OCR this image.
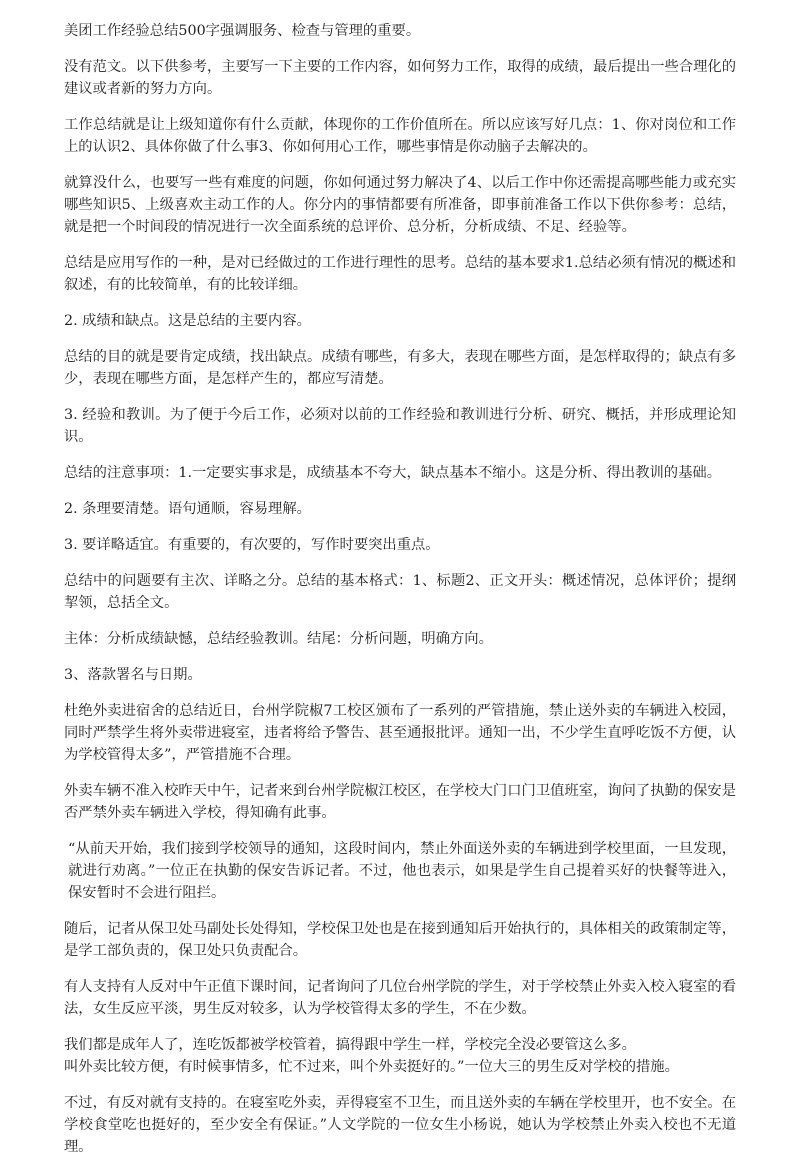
美团工作经验总结500字强调服务、检查与管理的重要。

没有范文。以下供参考，主要写一下主要的工作内容，如何努力工作，取得的成绩，最后提出一些合理化的建议或者新的努力方向。

工作总结就是让上级知道你有什么贡献，体现你的工作价值所在。所以应该写好几点：1、你对岗位和工作上的认识2、具体你做了什么事3、你如何用心工作，哪些事情是你动脑子去解决的。

就算没什么，也要写一些有难度的问题，你如何通过努力解决了4、以后工作中你还需提高哪些能力或充实哪些知识5、上级喜欢主动工作的人。你分内的事情都要有所准备，即事前准备工作以下供你参考：总结，就是把一个时间段的情况进行一次全面系统的总评价、总分析，分析成绩、不足、经验等。

总结是应用写作的一种，是对已经做过的工作进行理性的思考。总结的基本要求1.总结必须有情况的概述和叙述，有的比较简单，有的比较详细。

2. 成绩和缺点。这是总结的主要内容。

总结的目的就是要肯定成绩，找出缺点。成绩有哪些，有多大，表现在哪些方面，是怎样取得的；缺点有多少，表现在哪些方面，是怎样产生的，都应写清楚。

3. 经验和教训。为了便于今后工作，必须对以前的工作经验和教训进行分析、研究、概括，并形成理论知识。

总结的注意事项：1.一定要实事求是，成绩基本不夸大，缺点基本不缩小。这是分析、得出教训的基础。

2. 条理要清楚。语句通顺，容易理解。

3. 要详略适宜。有重要的，有次要的，写作时要突出重点。

总结中的问题要有主次、详略之分。总结的基本格式：1、标题2、正文开头：概述情况，总体评价；提纲挈领，总括全文。

主体：分析成绩缺憾，总结经验教训。结尾：分析问题，明确方向。

3、落款署名与日期。

杜绝外卖进宿舍的总结近日，台州学院椒7工校区颁布了一系列的严管措施，禁止送外卖的车辆进入校园，同时严禁学生将外卖带进寝室，违者将给予警告、甚至通报批评。通知一出，不少学生直呼吃饭不方便，认为学校管得太多”，严管措施不合理。

外卖车辆不准入校昨天中午，记者来到台州学院椒江校区，在学校大门口门卫值班室，询问了执勤的保安是否严禁外卖车辆进入学校，得知确有此事。

“从前天开始，我们接到学校领导的通知，这段时间内，禁止外面送外卖的车辆进到学校里面，一旦发现，就进行劝离。”一位正在执勤的保安告诉记者。不过，他也表示，如果是学生自己提着买好的快餐等进入，保安暂时不会进行阻拦。

随后，记者从保卫处马副处长处得知，学校保卫处也是在接到通知后开始执行的，具体相关的政策制定等，是学工部负责的，保卫处只负责配合。

有人支持有人反对中午正值下课时间，记者询问了几位台州学院的学生，对于学校禁止外卖入校入寝室的看法，女生反应平淡，男生反对较多，认为学校管得太多的学生，不在少数。

我们都是成年人了，连吃饭都被学校管着，搞得跟中学生一样，学校完全没必要管这么多。

叫外卖比较方便，有时候事情多，忙不过来，叫个外卖挺好的。”一位大三的男生反对学校的措施。

不过，有反对就有支持的。在寝室吃外卖，弄得寝室不卫生，而且送外卖的车辆在学校里开，也不安全。在学校食堂吃也挺好的，至少安全有保证。”人文学院的一位女生小杨说，她认为学校禁止外卖入校也不无道理。
